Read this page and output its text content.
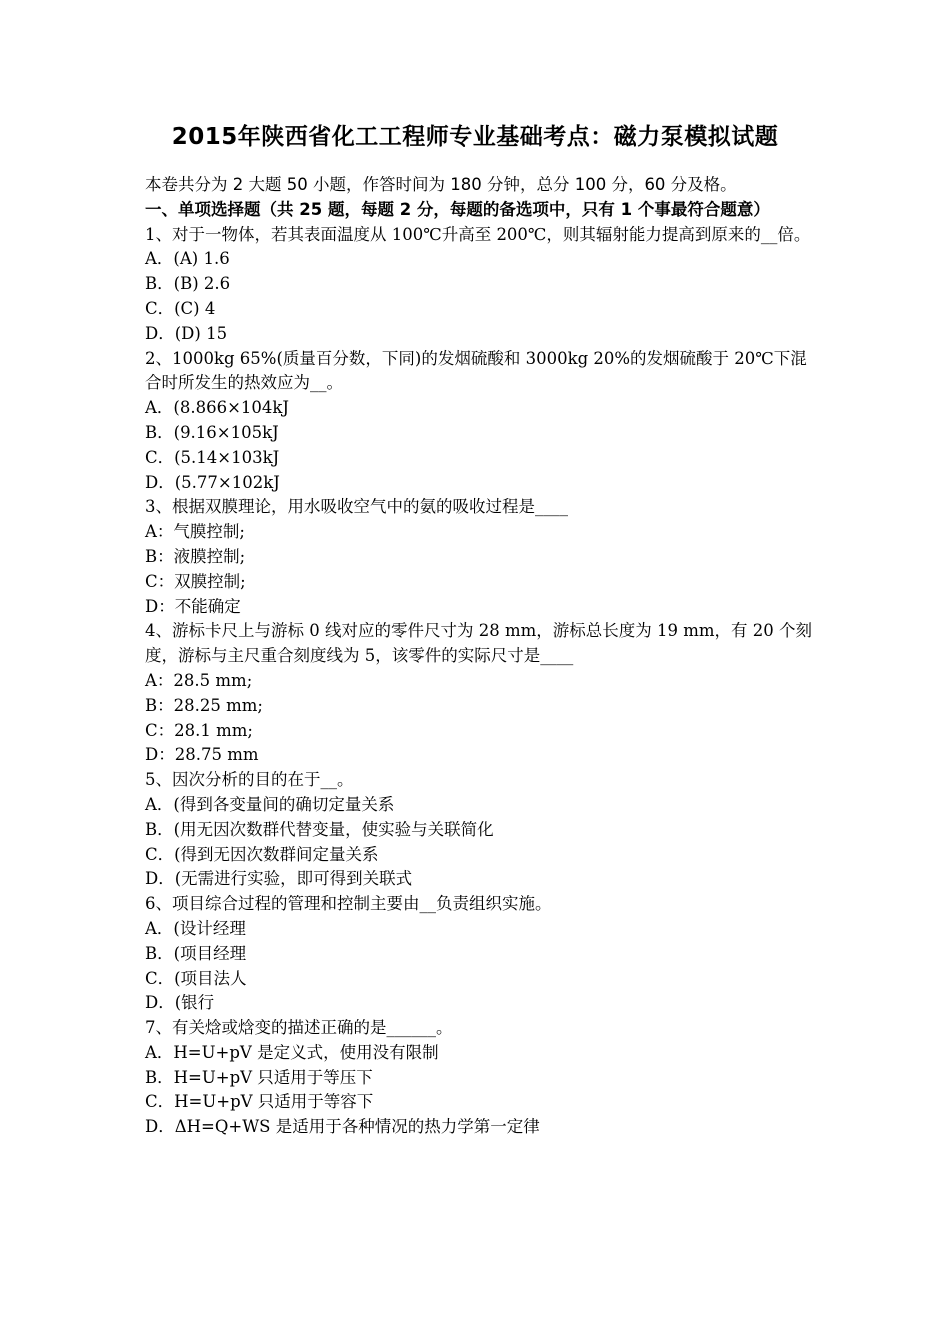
2015年陕西省化工工程师专业基础考点：磁力泵模拟试题

本卷共分为 2 大题 50 小题，作答时间为 180 分钟，总分 100 分，60 分及格。

一、单项选择题（共 25 题，每题 2 分，每题的备选项中，只有 1 个事最符合题意）

1、对于一物体，若其表面温度从 100℃升高至 200℃，则其辐射能力提高到原来的__倍。

A．(A) 1.6

B．(B) 2.6

C．(C) 4

D．(D) 15

2、1000kg 65%(质量百分数，下同)的发烟硫酸和 3000kg 20%的发烟硫酸于 20℃下混合时所发生的热效应为__。

A．(8.866×104kJ

B．(9.16×105kJ

C．(5.14×103kJ

D．(5.77×102kJ

3、根据双膜理论，用水吸收空气中的氨的吸收过程是____

A：气膜控制;

B：液膜控制;

C：双膜控制;

D：不能确定

4、游标卡尺上与游标 0 线对应的零件尺寸为 28 mm，游标总长度为 19 mm，有 20 个刻度，游标与主尺重合刻度线为 5，该零件的实际尺寸是____

A：28.5 mm;

B：28.25 mm;

C：28.1 mm;

D：28.75 mm

5、因次分析的目的在于__。

A．(得到各变量间的确切定量关系

B．(用无因次数群代替变量，使实验与关联简化

C．(得到无因次数群间定量关系

D．(无需进行实验，即可得到关联式

6、项目综合过程的管理和控制主要由__负责组织实施。

A．(设计经理

B．(项目经理

C．(项目法人

D．(银行

7、有关焓或焓变的描述正确的是______。

A．H=U+pV 是定义式，使用没有限制

B．H=U+pV 只适用于等压下

C．H=U+pV 只适用于等容下

D．ΔH=Q+WS 是适用于各种情况的热力学第一定律
